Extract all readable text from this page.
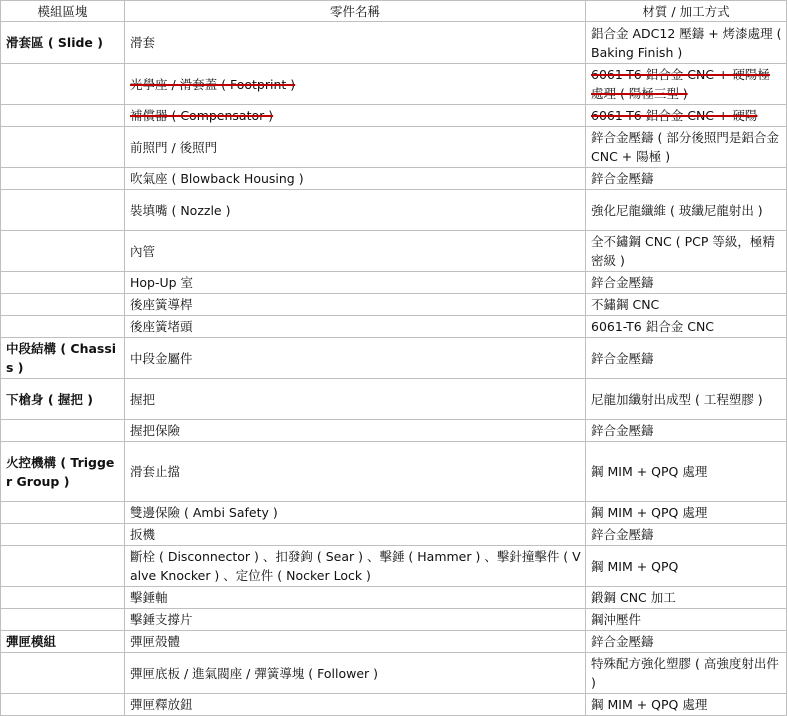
模組區塊	零件名稱	材質 / 加工方式
滑套區 ( Slide )	滑套	鋁合金 ADC12 壓鑄 + 烤漆處理 ( Baking Finish )
	光學座 / 滑套蓋 ( Footprint )	6061-T6 鋁合金 CNC + 硬陽極處理 ( 陽極三型 )
	補償器 ( Compensator )	6061-T6 鋁合金 CNC + 硬陽
	前照門 / 後照門	鋅合金壓鑄 ( 部分後照門是鋁合金 CNC + 陽極 )
	吹氣座 ( Blowback Housing )	鋅合金壓鑄
	裝填嘴 ( Nozzle )	強化尼龍纖維 ( 玻纖尼龍射出 )
	內管	全不鏽鋼 CNC ( PCP 等級，極精密級 )
	Hop-Up 室	鋅合金壓鑄
	後座簧導桿	不鏽鋼 CNC
	後座簧堵頭	6061-T6 鋁合金 CNC
中段結構 ( Chassis )	中段金屬件	鋅合金壓鑄
下槍身 ( 握把 )	握把	尼龍加纖射出成型 ( 工程塑膠 )
	握把保險	鋅合金壓鑄
火控機構 ( Trigger Group )	滑套止擋	鋼 MIM + QPQ 處理
	雙邊保險 ( Ambi Safety )	鋼 MIM + QPQ 處理
	扳機	鋅合金壓鑄
	斷栓 ( Disconnector ) 、扣發鉤 ( Sear ) 、擊錘 ( Hammer ) 、擊針撞擊件 ( Valve Knocker ) 、定位件 ( Nocker Lock )	鋼 MIM + QPQ
	擊錘軸	鍛鋼 CNC 加工
	擊錘支撐片	鋼沖壓件
彈匣模組	彈匣殼體	鋅合金壓鑄
	彈匣底板 / 進氣閥座 / 彈簧導塊 ( Follower )	特殊配方強化塑膠 ( 高強度射出件 )
	彈匣釋放鈕	鋼 MIM + QPQ 處理
